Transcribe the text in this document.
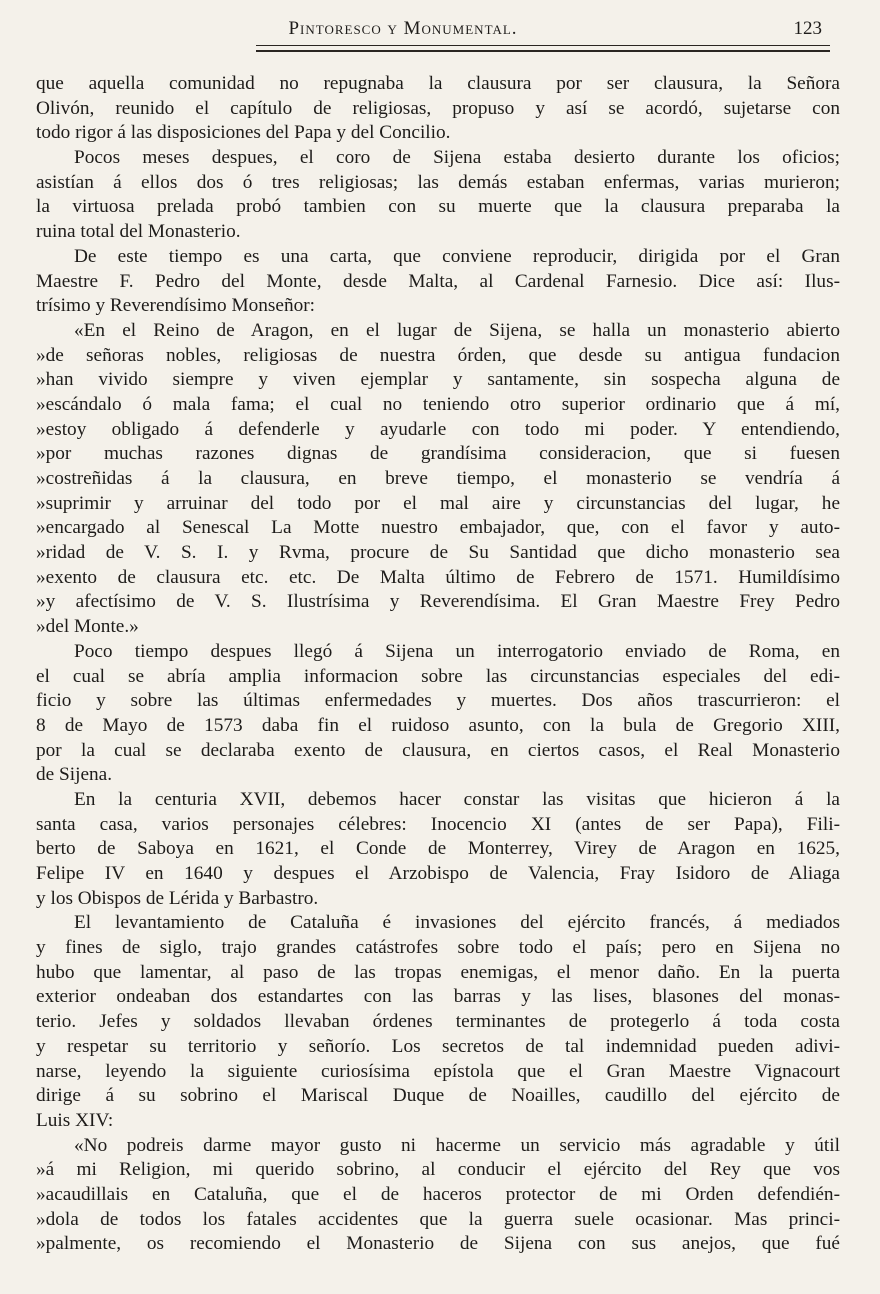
Pintoresco y Monumental.	123
que aquella comunidad no repugnaba la clausura por ser clausura, la Señora
Olivón, reunido el capítulo de religiosas, propuso y así se acordó, sujetarse con
todo rigor á las disposiciones del Papa y del Concilio.
Pocos meses despues, el coro de Sijena estaba desierto durante los oficios;
asistían á ellos dos ó tres religiosas; las demás estaban enfermas, varias murieron;
la virtuosa prelada probó tambien con su muerte que la clausura preparaba la
ruina total del Monasterio.
De este tiempo es una carta, que conviene reproducir, dirigida por el Gran
Maestre F. Pedro del Monte, desde Malta, al Cardenal Farnesio. Dice así: Ilus-
trísimo y Reverendísimo Monseñor:
«En el Reino de Aragon, en el lugar de Sijena, se halla un monasterio abierto
»de señoras nobles, religiosas de nuestra órden, que desde su antigua fundacion
»han vivido siempre y viven ejemplar y santamente, sin sospecha alguna de
»escándalo ó mala fama; el cual no teniendo otro superior ordinario que á mí,
»estoy obligado á defenderle y ayudarle con todo mi poder. Y entendiendo,
»por muchas razones dignas de grandísima consideracion, que si fuesen
»costreñidas á la clausura, en breve tiempo, el monasterio se vendría á
»suprimir y arruinar del todo por el mal aire y circunstancias del lugar, he
»encargado al Senescal La Motte nuestro embajador, que, con el favor y auto-
»ridad de V. S. I. y Rvma, procure de Su Santidad que dicho monasterio sea
»exento de clausura etc. etc. De Malta último de Febrero de 1571. Humildísimo
»y afectísimo de V. S. Ilustrísima y Reverendísima. El Gran Maestre Frey Pedro
»del Monte.»
Poco tiempo despues llegó á Sijena un interrogatorio enviado de Roma, en
el cual se abría amplia informacion sobre las circunstancias especiales del edi-
ficio y sobre las últimas enfermedades y muertes. Dos años trascurrieron: el
8 de Mayo de 1573 daba fin el ruidoso asunto, con la bula de Gregorio XIII,
por la cual se declaraba exento de clausura, en ciertos casos, el Real Monasterio
de Sijena.
En la centuria XVII, debemos hacer constar las visitas que hicieron á la
santa casa, varios personajes célebres: Inocencio XI (antes de ser Papa), Fili-
berto de Saboya en 1621, el Conde de Monterrey, Virey de Aragon en 1625,
Felipe IV en 1640 y despues el Arzobispo de Valencia, Fray Isidoro de Aliaga
y los Obispos de Lérida y Barbastro.
El levantamiento de Cataluña é invasiones del ejército francés, á mediados
y fines de siglo, trajo grandes catástrofes sobre todo el país; pero en Sijena no
hubo que lamentar, al paso de las tropas enemigas, el menor daño. En la puerta
exterior ondeaban dos estandartes con las barras y las lises, blasones del monas-
terio. Jefes y soldados llevaban órdenes terminantes de protegerlo á toda costa
y respetar su territorio y señorío. Los secretos de tal indemnidad pueden adivi-
narse, leyendo la siguiente curiosísima epístola que el Gran Maestre Vignacourt
dirige á su sobrino el Mariscal Duque de Noailles, caudillo del ejército de
Luis XIV:
«No podreis darme mayor gusto ni hacerme un servicio más agradable y útil
»á mi Religion, mi querido sobrino, al conducir el ejército del Rey que vos
»acaudillais en Cataluña, que el de haceros protector de mi Orden defendién-
»dola de todos los fatales accidentes que la guerra suele ocasionar. Mas princi-
»palmente, os recomiendo el Monasterio de Sijena con sus anejos, que fué
